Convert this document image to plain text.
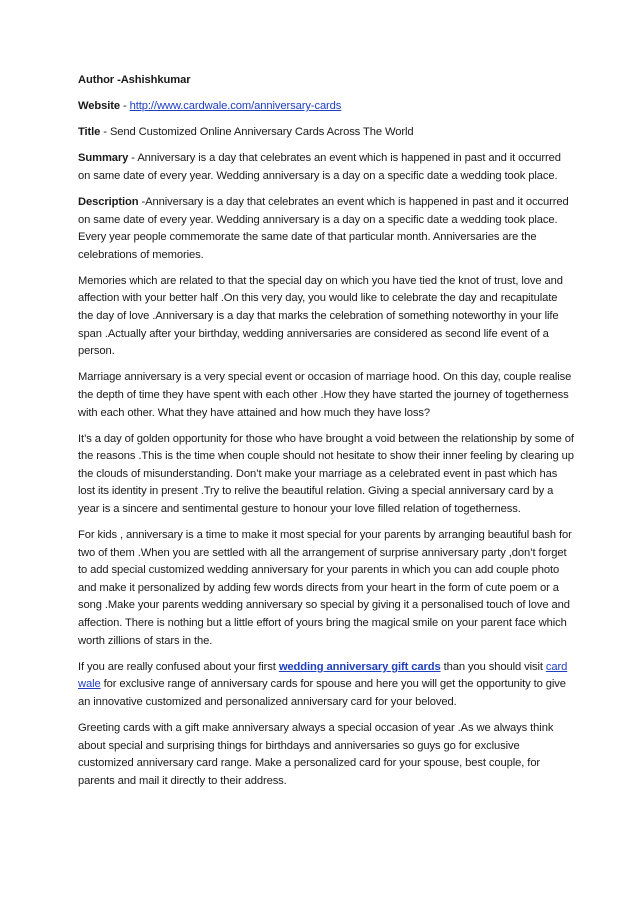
Author -Ashishkumar

Website - http://www.cardwale.com/anniversary-cards

Title - Send Customized Online Anniversary Cards Across The World

Summary - Anniversary is a day that celebrates an event which is happened in past and it occurred on same date of every year. Wedding anniversary is a day on a specific date a wedding took place.

Description -Anniversary is a day that celebrates an event which is happened in past and it occurred on same date of every year. Wedding anniversary is a day on a specific date a wedding took place. Every year people commemorate the same date of that particular month. Anniversaries are the celebrations of memories.

Memories which are related to that the special day on which you have tied the knot of trust, love and affection with your better half .On this very day, you would like to celebrate the day and recapitulate the day of love .Anniversary is a day that marks the celebration of something noteworthy in your life span .Actually after your birthday, wedding anniversaries are considered as second life event of a person.

Marriage anniversary is a very special event or occasion of marriage hood. On this day, couple realise the depth of time they have spent with each other .How they have started the journey of togetherness with each other. What they have attained and how much they have loss?

It’s a day of golden opportunity for those who have brought a void between the relationship by some of the reasons .This is the time when couple should not hesitate to show their inner feeling by clearing up the clouds of misunderstanding. Don’t make your marriage as a celebrated event in past which has lost its identity in present .Try to relive the beautiful relation. Giving a special anniversary card by a year is a sincere and sentimental gesture to honour your love filled relation of togetherness.

For kids , anniversary is a time to make it most special for your parents by arranging beautiful bash for two of them .When you are settled with all the arrangement of surprise anniversary party ,don’t forget to add special customized wedding anniversary for your parents in which you can add couple photo and make it personalized by adding few words directs from your heart in the form of cute poem or a song .Make your parents wedding anniversary so special by giving it a personalised touch of love and affection. There is nothing but a little effort of yours bring the magical smile on your parent face which worth zillions of stars in the.

If you are really confused about your first wedding anniversary gift cards than you should visit card wale for exclusive range of anniversary cards for spouse and here you will get the opportunity to give an innovative customized and personalized anniversary card for your beloved.

Greeting cards with a gift make anniversary always a special occasion of year .As we always think about special and surprising things for birthdays and anniversaries so guys go for exclusive customized anniversary card range. Make a personalized card for your spouse, best couple, for parents and mail it directly to their address.
